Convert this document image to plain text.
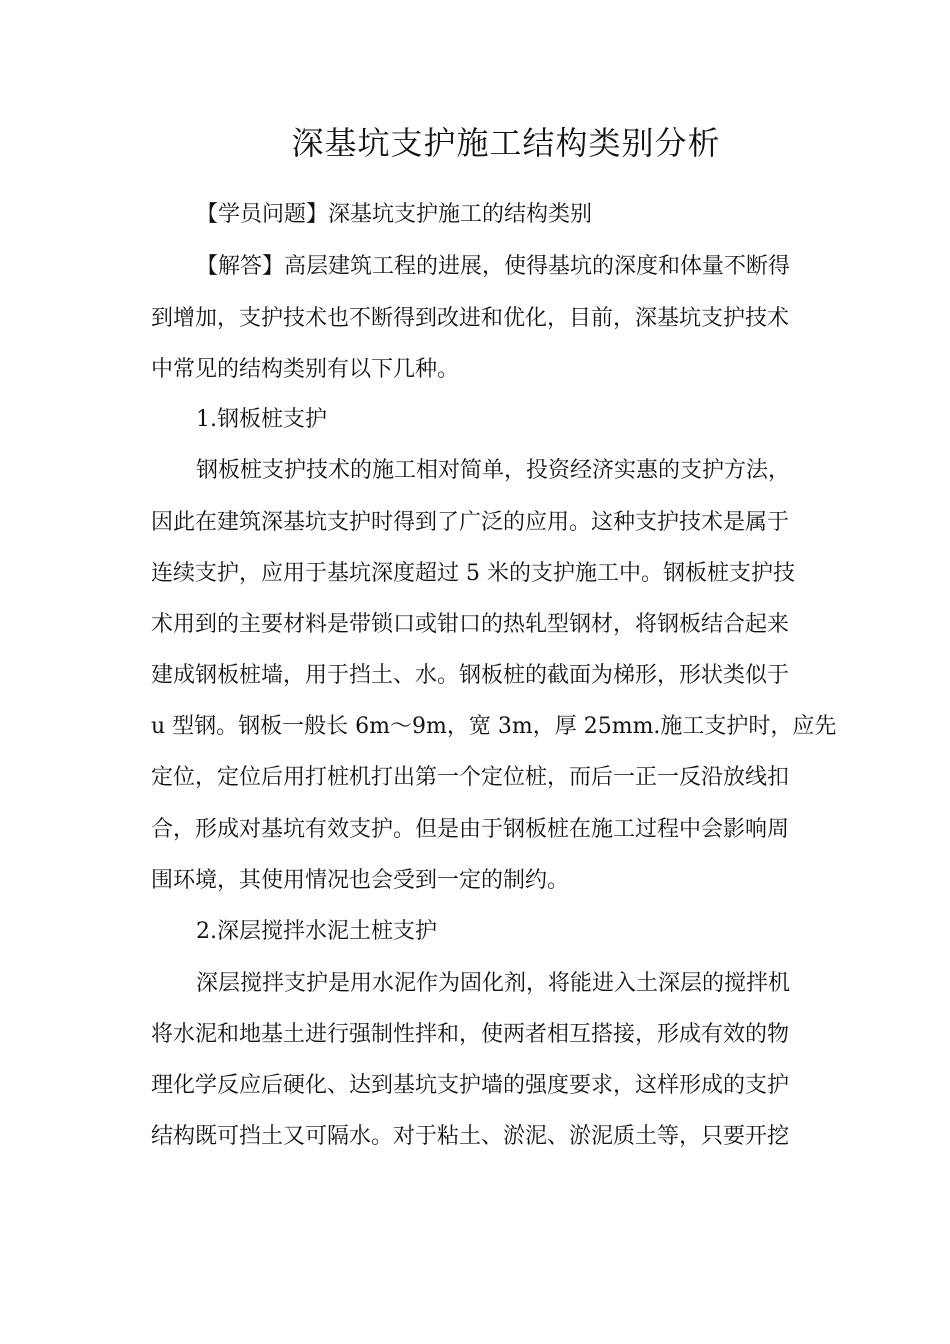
深基坑支护施工结构类别分析
【学员问题】深基坑支护施工的结构类别
【解答】高层建筑工程的进展，使得基坑的深度和体量不断得
到增加，支护技术也不断得到改进和优化，目前，深基坑支护技术
中常见的结构类别有以下几种。
1.钢板桩支护
钢板桩支护技术的施工相对简单，投资经济实惠的支护方法，
因此在建筑深基坑支护时得到了广泛的应用。这种支护技术是属于
连续支护，应用于基坑深度超过 5 米的支护施工中。钢板桩支护技
术用到的主要材料是带锁口或钳口的热轧型钢材，将钢板结合起来
建成钢板桩墙，用于挡土、水。钢板桩的截面为梯形，形状类似于
u 型钢。钢板一般长 6m～9m，宽 3m，厚 25mm.施工支护时，应先
定位，定位后用打桩机打出第一个定位桩，而后一正一反沿放线扣
合，形成对基坑有效支护。但是由于钢板桩在施工过程中会影响周
围环境，其使用情况也会受到一定的制约。
2.深层搅拌水泥土桩支护
深层搅拌支护是用水泥作为固化剂，将能进入土深层的搅拌机
将水泥和地基土进行强制性拌和，使两者相互搭接，形成有效的物
理化学反应后硬化、达到基坑支护墙的强度要求，这样形成的支护
结构既可挡土又可隔水。对于粘土、淤泥、淤泥质土等，只要开挖
